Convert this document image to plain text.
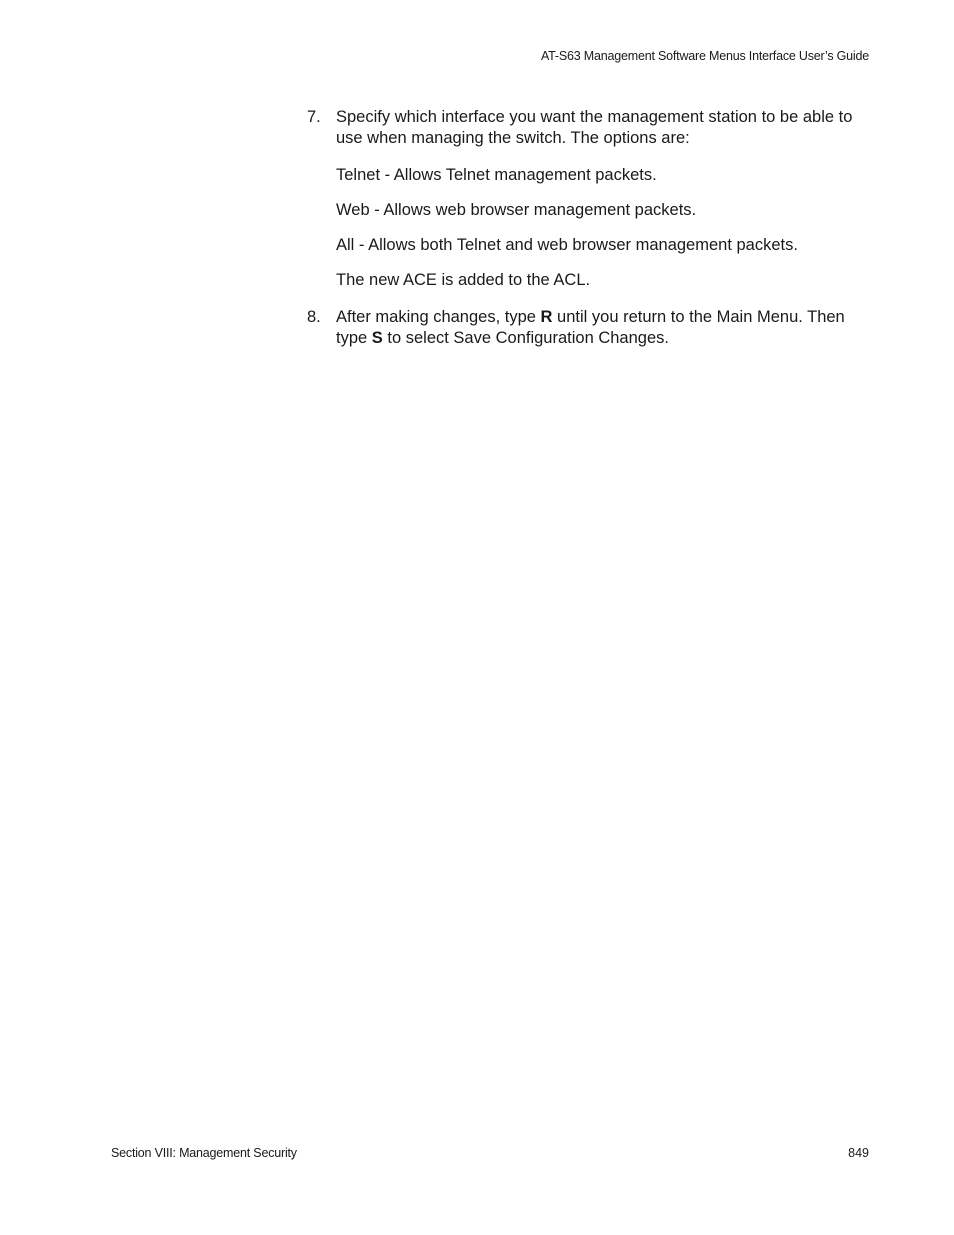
AT-S63 Management Software Menus Interface User’s Guide
7. Specify which interface you want the management station to be able to use when managing the switch. The options are:
Telnet - Allows Telnet management packets.
Web - Allows web browser management packets.
All - Allows both Telnet and web browser management packets.
The new ACE is added to the ACL.
8. After making changes, type R until you return to the Main Menu. Then type S to select Save Configuration Changes.
Section VIII: Management Security	849
